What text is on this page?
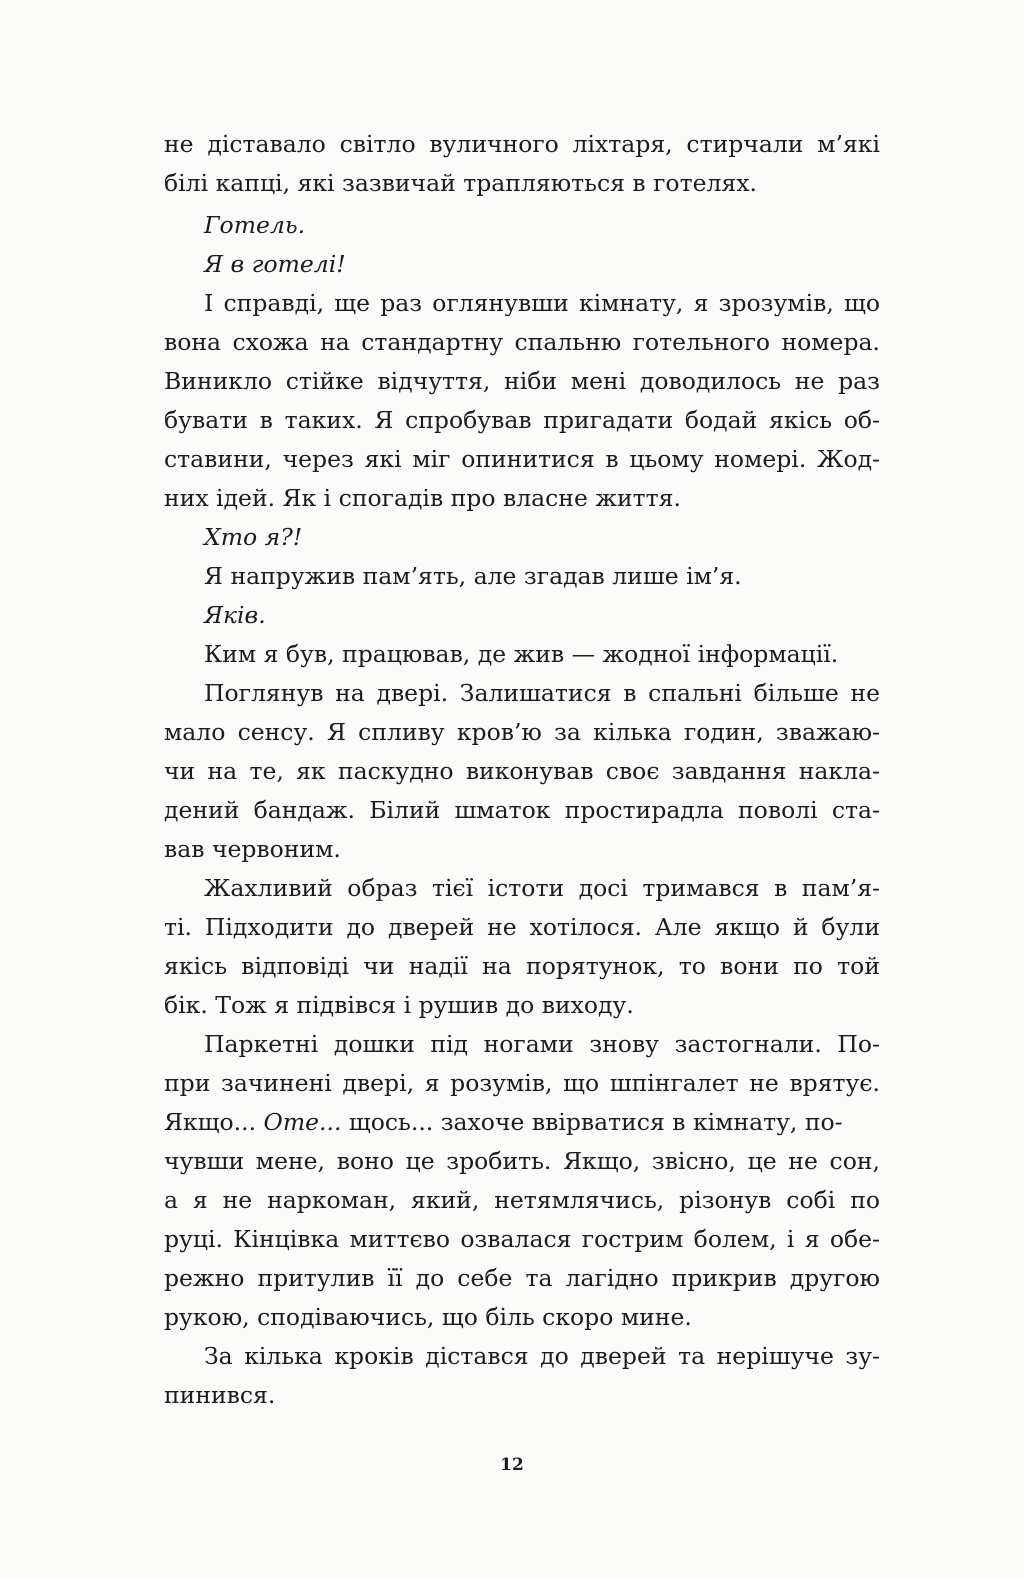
не діставало світло вуличного ліхтаря, стирчали м’які

білі капці, які зазвичай трапляються в готелях.

Готель.

Я в готелі!

І справді, ще раз оглянувши кімнату, я зрозумів, що

вона схожа на стандартну спальню готельного номера.

Виникло стійке відчуття, ніби мені доводилось не раз

бувати в таких. Я спробував пригадати бодай якісь об-

ставини, через які міг опинитися в цьому номері. Жод-

них ідей. Як і спогадів про власне життя.

Хто я?!

Я напружив пам’ять, але згадав лише ім’я.

Яків.

Ким я був, працював, де жив — жодної інформації.

Поглянув на двері. Залишатися в спальні більше не

мало сенсу. Я спливу кров’ю за кілька годин, зважаю-

чи на те, як паскудно виконував своє завдання накла-

дений бандаж. Білий шматок простирадла поволі ста-

вав червоним.

Жахливий образ тієї істоти досі тримався в пам’я-

ті. Підходити до дверей не хотілося. Але якщо й були

якісь відповіді чи надії на порятунок, то вони по той

бік. Тож я підвівся і рушив до виходу.

Паркетні дошки під ногами знову застогнали. По-

при зачинені двері, я розумів, що шпінгалет не врятує.

Якщо... Оте... щось... захоче ввірватися в кімнату, по-

чувши мене, воно це зробить. Якщо, звісно, це не сон,

а я не наркоман, який, нетямлячись, різонув собі по

руці. Кінцівка миттєво озвалася гострим болем, і я обе-

режно притулив її до себе та лагідно прикрив другою

рукою, сподіваючись, що біль скоро мине.

За кілька кроків дістався до дверей та нерішуче зу-

пинився.

12
